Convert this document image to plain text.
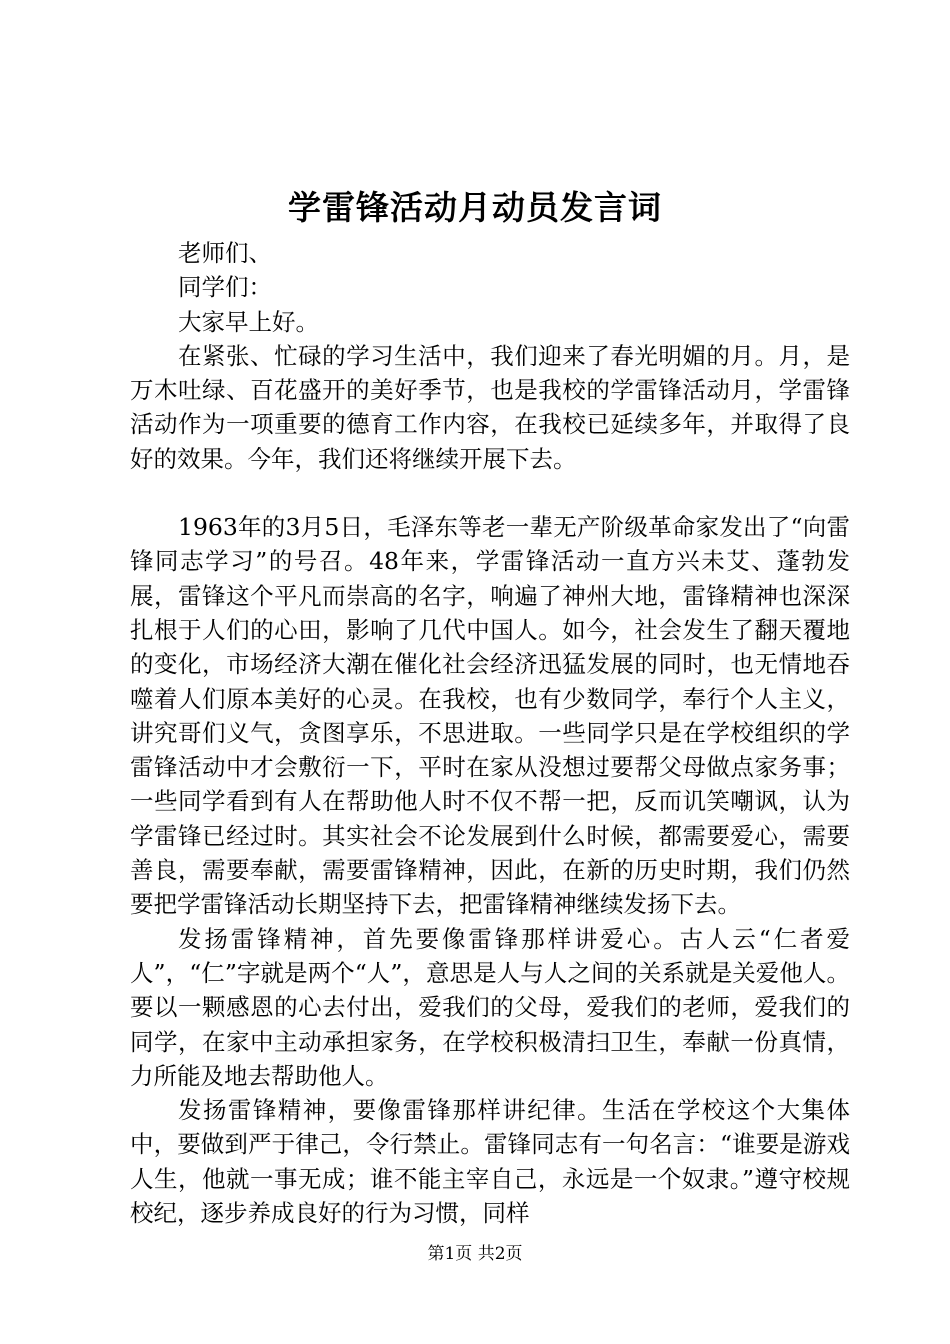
学雷锋活动月动员发言词

老师们、

同学们：

大家早上好。

在紧张、忙碌的学习生活中，我们迎来了春光明媚的月。月，是万木吐绿、百花盛开的美好季节，也是我校的学雷锋活动月，学雷锋活动作为一项重要的德育工作内容，在我校已延续多年，并取得了良好的效果。今年，我们还将继续开展下去。

1963年的3月5日，毛泽东等老一辈无产阶级革命家发出了“向雷锋同志学习”的号召。48年来，学雷锋活动一直方兴未艾、蓬勃发展，雷锋这个平凡而崇高的名字，响遍了神州大地，雷锋精神也深深扎根于人们的心田，影响了几代中国人。如今，社会发生了翻天覆地的变化，市场经济大潮在催化社会经济迅猛发展的同时，也无情地吞噬着人们原本美好的心灵。在我校，也有少数同学，奉行个人主义，讲究哥们义气，贪图享乐，不思进取。一些同学只是在学校组织的学雷锋活动中才会敷衍一下，平时在家从没想过要帮父母做点家务事；一些同学看到有人在帮助他人时不仅不帮一把，反而讥笑嘲讽，认为学雷锋已经过时。其实社会不论发展到什么时候，都需要爱心，需要善良，需要奉献，需要雷锋精神，因此，在新的历史时期，我们仍然要把学雷锋活动长期坚持下去，把雷锋精神继续发扬下去。

发扬雷锋精神，首先要像雷锋那样讲爱心。古人云“仁者爱人”，“仁”字就是两个“人”，意思是人与人之间的关系就是关爱他人。要以一颗感恩的心去付出，爱我们的父母，爱我们的老师，爱我们的同学，在家中主动承担家务，在学校积极清扫卫生，奉献一份真情，力所能及地去帮助他人。

发扬雷锋精神，要像雷锋那样讲纪律。生活在学校这个大集体中，要做到严于律己，令行禁止。雷锋同志有一句名言：“谁要是游戏人生，他就一事无成；谁不能主宰自己，永远是一个奴隶。”遵守校规校纪，逐步养成良好的行为习惯，同样

第1页 共2页
